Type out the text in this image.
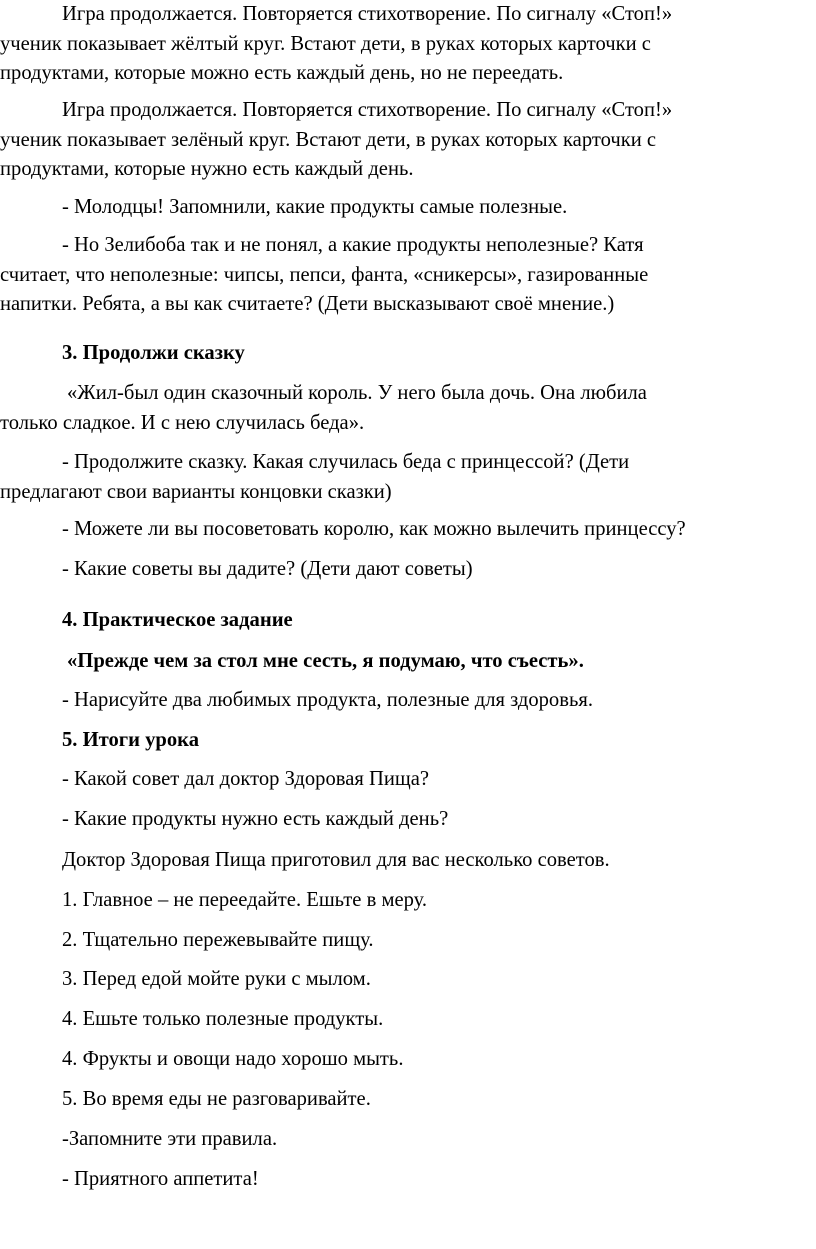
Игра продолжается. Повторяется стихотворение. По сигналу «Стоп!»
ученик показывает жёлтый круг. Встают дети, в руках которых карточки с
продуктами, которые можно есть каждый день, но не переедать.

Игра продолжается. Повторяется стихотворение. По сигналу «Стоп!»
ученик показывает зелёный круг. Встают дети, в руках которых карточки с
продуктами, которые нужно есть каждый день.

- Молодцы! Запомнили, какие продукты самые полезные.

- Но Зелибоба так и не понял, а какие продукты неполезные? Катя
считает, что неполезные: чипсы, пепси, фанта, «сникерсы», газированные
напитки. Ребята, а вы как считаете? (Дети высказывают своё мнение.)

3. Продолжи сказку

«Жил-был один сказочный король. У него была дочь. Она любила
только сладкое. И с нею случилась беда».

- Продолжите сказку. Какая случилась беда с принцессой? (Дети
предлагают свои варианты концовки сказки)

- Можете ли вы посоветовать королю, как можно вылечить принцессу?

- Какие советы вы дадите? (Дети дают советы)

4. Практическое задание

«Прежде чем за стол мне сесть, я подумаю, что съесть».

- Нарисуйте два любимых продукта, полезные для здоровья.

5. Итоги урока

- Какой совет дал доктор Здоровая Пища?

- Какие продукты нужно есть каждый день?

Доктор Здоровая Пища приготовил для вас несколько советов.

1. Главное – не переедайте. Ешьте в меру.

2. Тщательно пережевывайте пищу.

3. Перед едой мойте руки с мылом.

4. Ешьте только полезные продукты.

4. Фрукты и овощи надо хорошо мыть.

5. Во время еды не разговаривайте.

-Запомните эти правила.

- Приятного аппетита!
